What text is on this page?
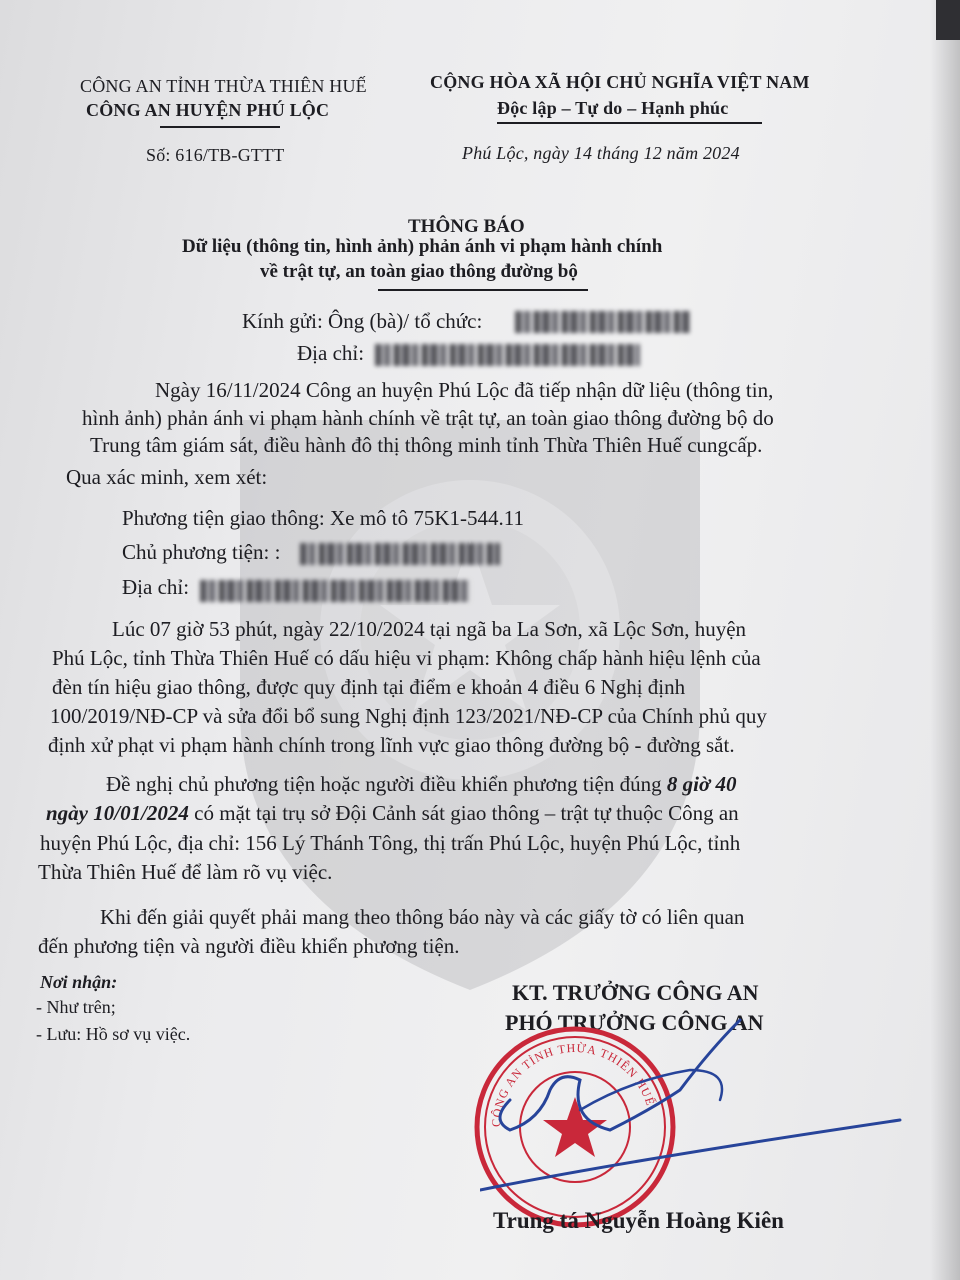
CÔNG AN TỈNH THỪA THIÊN HUẾ
CÔNG AN HUYỆN PHÚ LỘC
Số: 616/TB-GTTT
CỘNG HÒA XÃ HỘI CHỦ NGHĨA VIỆT NAM
Độc lập – Tự do – Hạnh phúc
Phú Lộc, ngày 14 tháng 12 năm 2024
THÔNG BÁO
Dữ liệu (thông tin, hình ảnh) phản ánh vi phạm hành chính
về trật tự, an toàn giao thông đường bộ
Kính gửi: Ông (bà)/ tổ chức:
Địa chỉ:
Ngày 16/11/2024 Công an huyện Phú Lộc đã tiếp nhận dữ liệu (thông tin,
hình ảnh) phản ánh vi phạm hành chính về trật tự, an toàn giao thông đường bộ do
Trung tâm giám sát, điều hành đô thị thông minh tỉnh Thừa Thiên Huế cungcấp.
Qua xác minh, xem xét:
Phương tiện giao thông: Xe mô tô 75K1-544.11
Chủ phương tiện: :
Địa chỉ:
Lúc 07 giờ 53 phút, ngày 22/10/2024 tại ngã ba La Sơn, xã Lộc Sơn, huyện
Phú Lộc, tỉnh Thừa Thiên Huế có dấu hiệu vi phạm: Không chấp hành hiệu lệnh của
đèn tín hiệu giao thông, được quy định tại điểm e khoản 4 điều 6 Nghị định
100/2019/NĐ-CP và sửa đổi bổ sung Nghị định 123/2021/NĐ-CP của Chính phủ quy
định xử phạt vi phạm hành chính trong lĩnh vực giao thông đường bộ - đường sắt.
Đề nghị chủ phương tiện hoặc người điều khiển phương tiện đúng 8 giờ 40
ngày 10/01/2024 có mặt tại trụ sở Đội Cảnh sát giao thông – trật tự thuộc Công an
huyện Phú Lộc, địa chỉ: 156 Lý Thánh Tông, thị trấn Phú Lộc, huyện Phú Lộc, tỉnh
Thừa Thiên Huế để làm rõ vụ việc.
Khi đến giải quyết phải mang theo thông báo này và các giấy tờ có liên quan
đến phương tiện và người điều khiển phương tiện.
Nơi nhận:
- Như trên;
- Lưu: Hồ sơ vụ việc.
KT. TRƯỞNG CÔNG AN
PHÓ TRƯỞNG CÔNG AN
CÔNG AN TỈNH THỪA THIÊN HUẾ
Trung tá Nguyễn Hoàng Kiên
